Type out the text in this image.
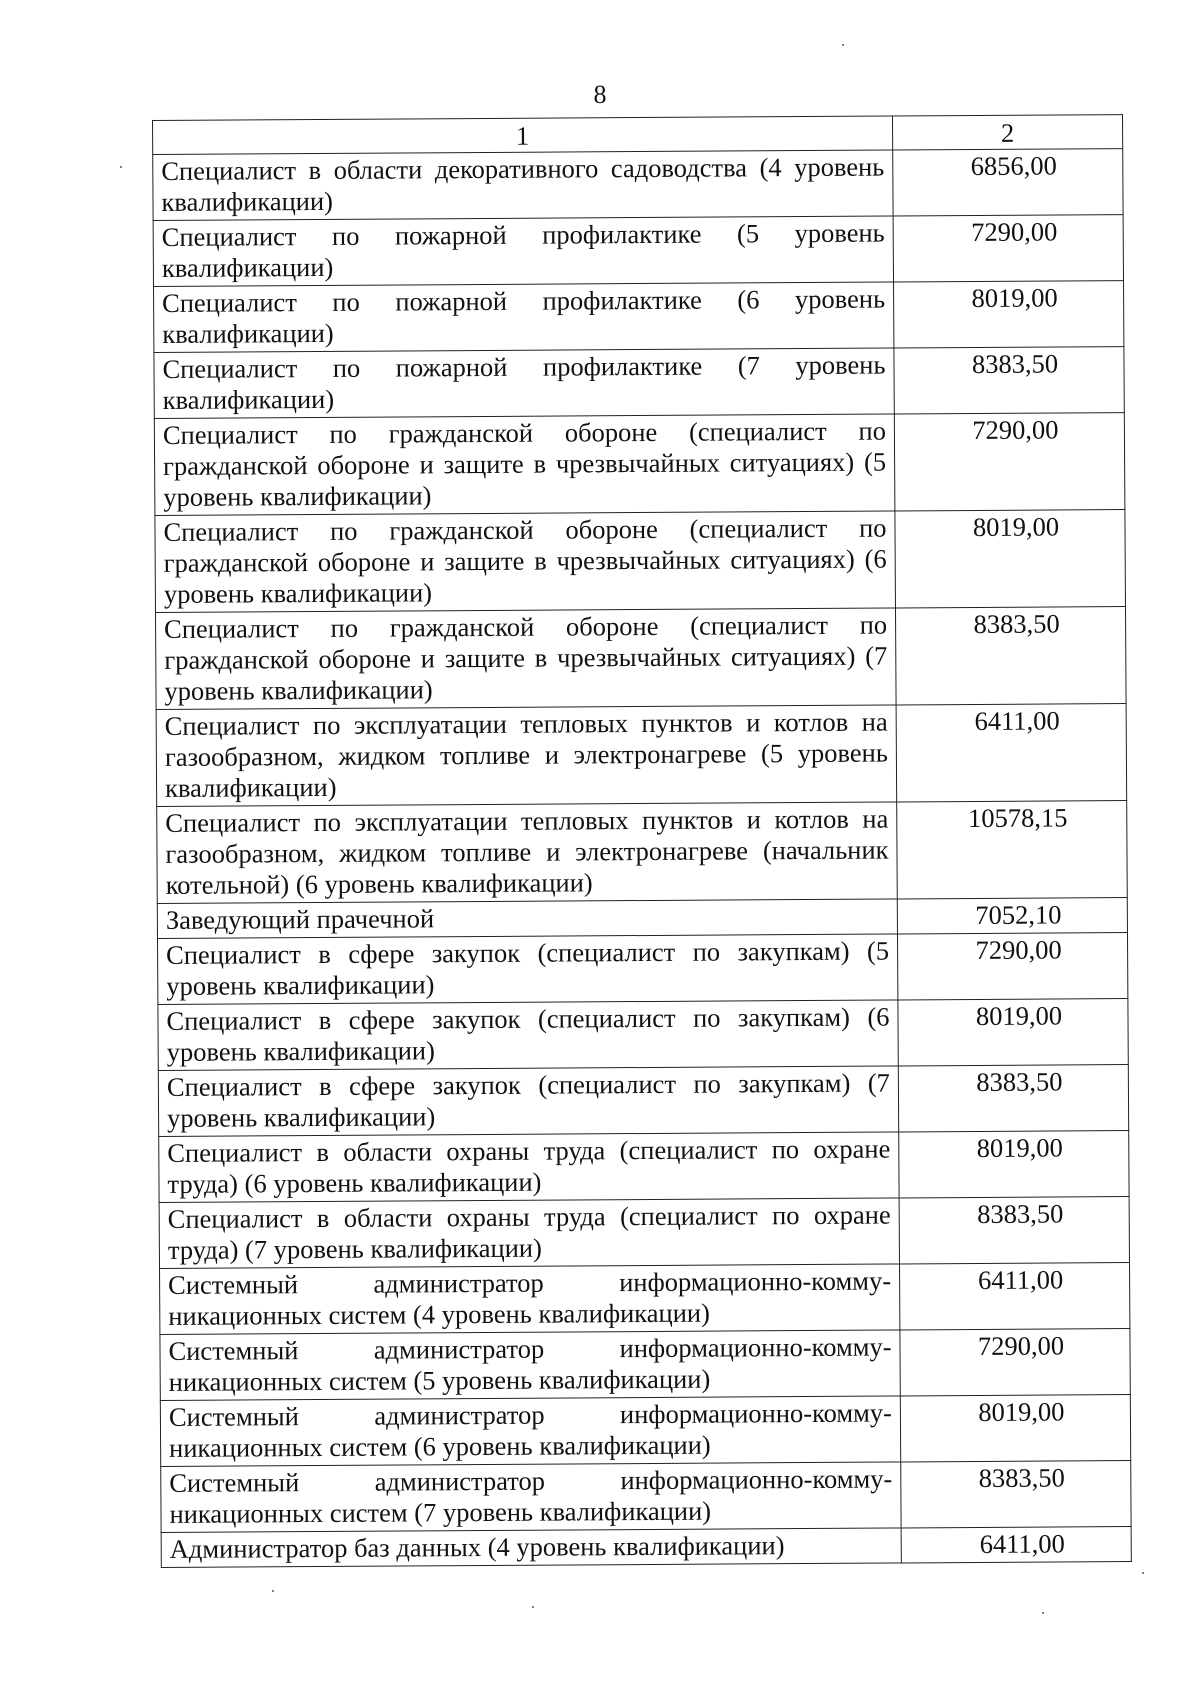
8
1	2
Специалист в области декоративного садоводства (4 уровень квалификации)	6856,00
Специалист по пожарной профилактике (5 уровень квалификации)	7290,00
Специалист по пожарной профилактике (6 уровень квалификации)	8019,00
Специалист по пожарной профилактике (7 уровень квалификации)	8383,50
Специалист по гражданской обороне (специалист по гражданской обороне и защите в чрезвычайных ситуациях) (5 уровень квалификации)	7290,00
Специалист по гражданской обороне (специалист по гражданской обороне и защите в чрезвычайных ситуациях) (6 уровень квалификации)	8019,00
Специалист по гражданской обороне (специалист по гражданской обороне и защите в чрезвычайных ситуациях) (7 уровень квалификации)	8383,50
Специалист по эксплуатации тепловых пунктов и котлов на газообразном, жидком топливе и электронагреве (5 уровень квалификации)	6411,00
Специалист по эксплуатации тепловых пунктов и котлов на газообразном, жидком топливе и электронагреве (начальник котельной) (6 уровень квалификации)	10578,15
Заведующий прачечной	7052,10
Специалист в сфере закупок (специалист по закупкам) (5 уровень квалификации)	7290,00
Специалист в сфере закупок (специалист по закупкам) (6 уровень квалификации)	8019,00
Специалист в сфере закупок (специалист по закупкам) (7 уровень квалификации)	8383,50
Специалист в области охраны труда (специалист по охране труда) (6 уровень квалификации)	8019,00
Специалист в области охраны труда (специалист по охране труда) (7 уровень квалификации)	8383,50
Системный администратор информационно-комму-никационных систем (4 уровень квалификации)	6411,00
Системный администратор информационно-комму-никационных систем (5 уровень квалификации)	7290,00
Системный администратор информационно-комму-никационных систем (6 уровень квалификации)	8019,00
Системный администратор информационно-комму-никационных систем (7 уровень квалификации)	8383,50
Администратор баз данных (4 уровень квалификации)	6411,00
